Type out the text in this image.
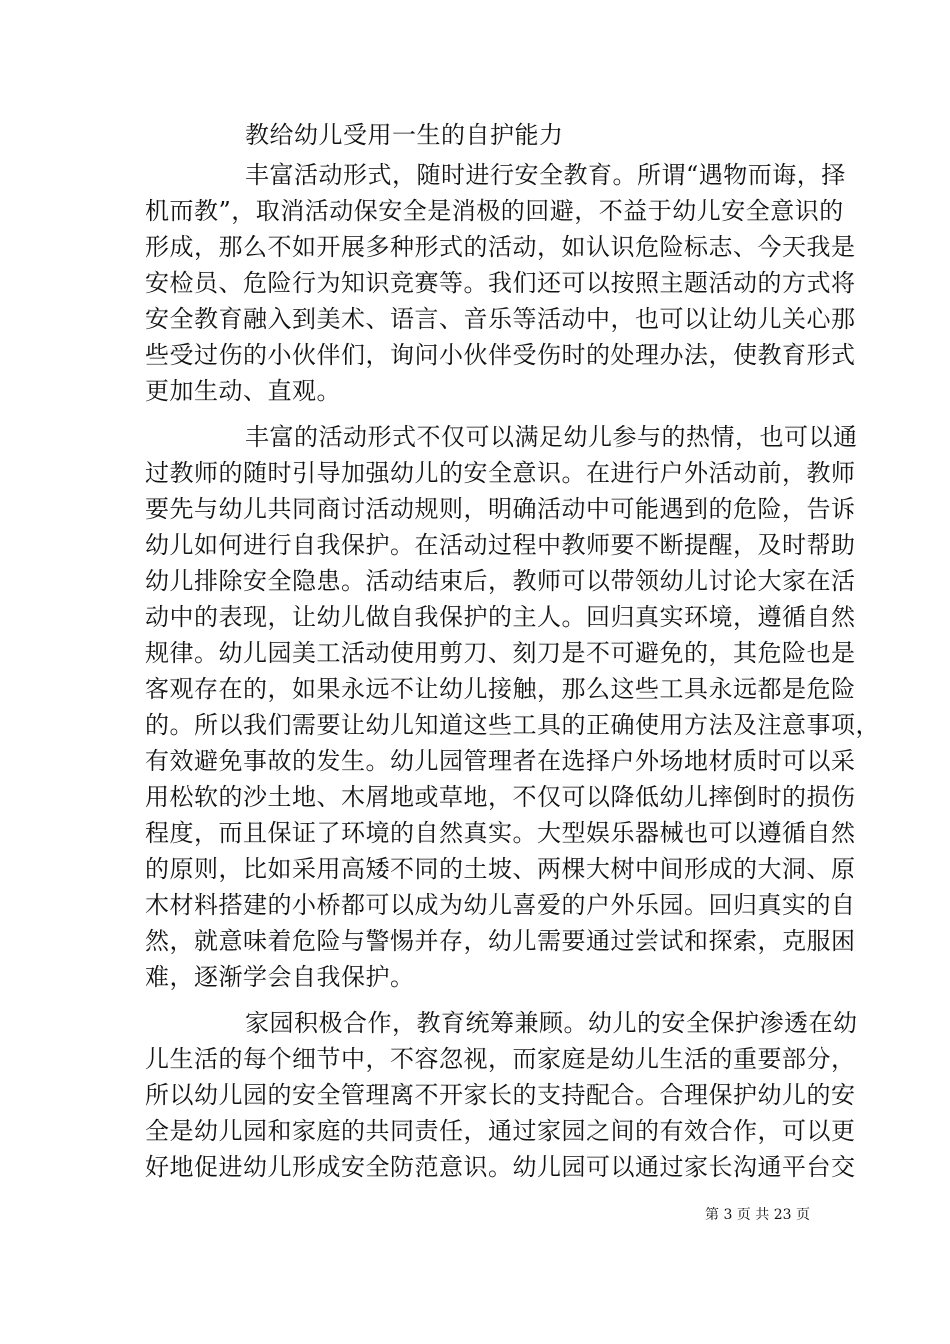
教给幼儿受用一生的自护能力
丰富活动形式，随时进行安全教育。所谓“遇物而诲，择
机而教”，取消活动保安全是消极的回避，不益于幼儿安全意识的
形成，那么不如开展多种形式的活动，如认识危险标志、今天我是
安检员、危险行为知识竞赛等。我们还可以按照主题活动的方式将
安全教育融入到美术、语言、音乐等活动中，也可以让幼儿关心那
些受过伤的小伙伴们，询问小伙伴受伤时的处理办法，使教育形式
更加生动、直观。
丰富的活动形式不仅可以满足幼儿参与的热情，也可以通
过教师的随时引导加强幼儿的安全意识。在进行户外活动前，教师
要先与幼儿共同商讨活动规则，明确活动中可能遇到的危险，告诉
幼儿如何进行自我保护。在活动过程中教师要不断提醒，及时帮助
幼儿排除安全隐患。活动结束后，教师可以带领幼儿讨论大家在活
动中的表现，让幼儿做自我保护的主人。回归真实环境，遵循自然
规律。幼儿园美工活动使用剪刀、刻刀是不可避免的，其危险也是
客观存在的，如果永远不让幼儿接触，那么这些工具永远都是危险
的。所以我们需要让幼儿知道这些工具的正确使用方法及注意事项，
有效避免事故的发生。幼儿园管理者在选择户外场地材质时可以采
用松软的沙土地、木屑地或草地，不仅可以降低幼儿摔倒时的损伤
程度，而且保证了环境的自然真实。大型娱乐器械也可以遵循自然
的原则，比如采用高矮不同的土坡、两棵大树中间形成的大洞、原
木材料搭建的小桥都可以成为幼儿喜爱的户外乐园。回归真实的自
然，就意味着危险与警惕并存，幼儿需要通过尝试和探索，克服困
难，逐渐学会自我保护。
家园积极合作，教育统筹兼顾。幼儿的安全保护渗透在幼
儿生活的每个细节中，不容忽视，而家庭是幼儿生活的重要部分，
所以幼儿园的安全管理离不开家长的支持配合。合理保护幼儿的安
全是幼儿园和家庭的共同责任，通过家园之间的有效合作，可以更
好地促进幼儿形成安全防范意识。幼儿园可以通过家长沟通平台交
第 3 页 共 23 页
